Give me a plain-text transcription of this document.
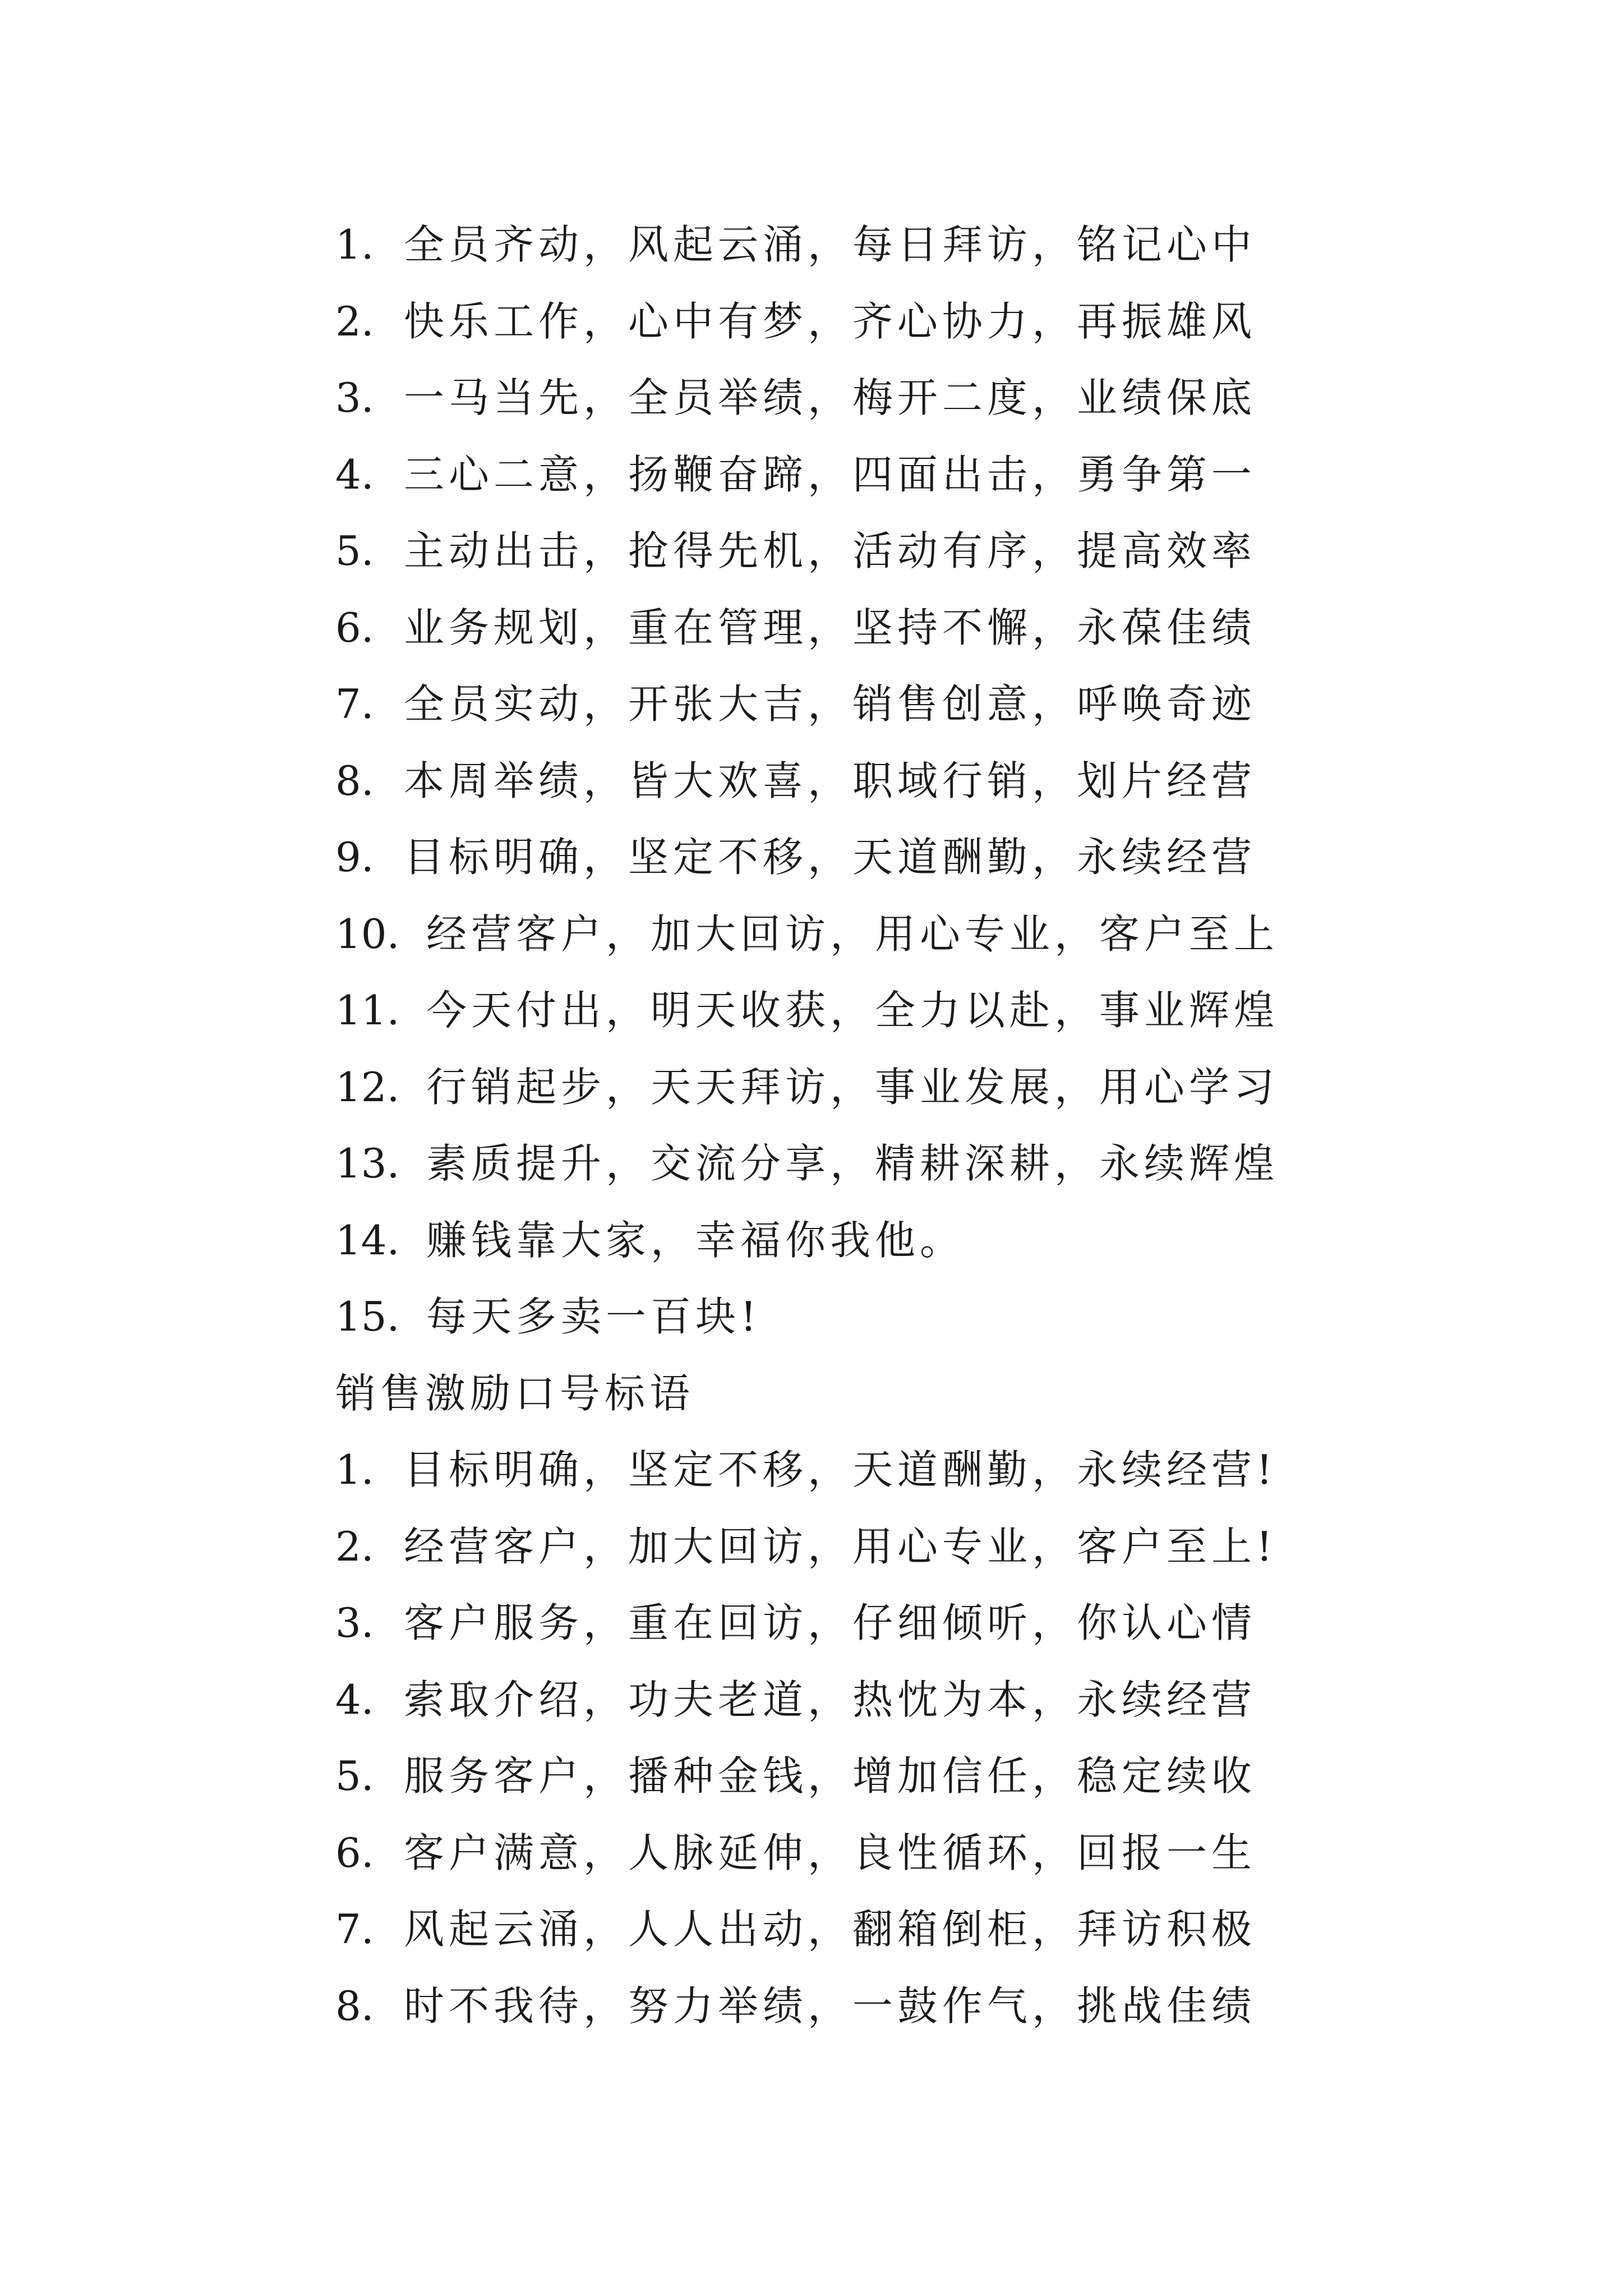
1. 全员齐动，风起云涌，每日拜访，铭记心中
2. 快乐工作，心中有梦，齐心协力，再振雄风
3. 一马当先，全员举绩，梅开二度，业绩保底
4. 三心二意，扬鞭奋蹄，四面出击，勇争第一
5. 主动出击，抢得先机，活动有序，提高效率
6. 业务规划，重在管理，坚持不懈，永葆佳绩
7. 全员实动，开张大吉，销售创意，呼唤奇迹
8. 本周举绩，皆大欢喜，职域行销，划片经营
9. 目标明确，坚定不移，天道酬勤，永续经营
10. 经营客户，加大回访，用心专业，客户至上
11. 今天付出，明天收获，全力以赴，事业辉煌
12. 行销起步，天天拜访，事业发展，用心学习
13. 素质提升，交流分享，精耕深耕，永续辉煌
14. 赚钱靠大家，幸福你我他。
15. 每天多卖一百块!
销售激励口号标语
1. 目标明确，坚定不移，天道酬勤，永续经营!
2. 经营客户，加大回访，用心专业，客户至上!
3. 客户服务，重在回访，仔细倾听，你认心情
4. 索取介绍，功夫老道，热忱为本，永续经营
5. 服务客户，播种金钱，增加信任，稳定续收
6. 客户满意，人脉延伸，良性循环，回报一生
7. 风起云涌，人人出动，翻箱倒柜，拜访积极
8. 时不我待，努力举绩，一鼓作气，挑战佳绩
